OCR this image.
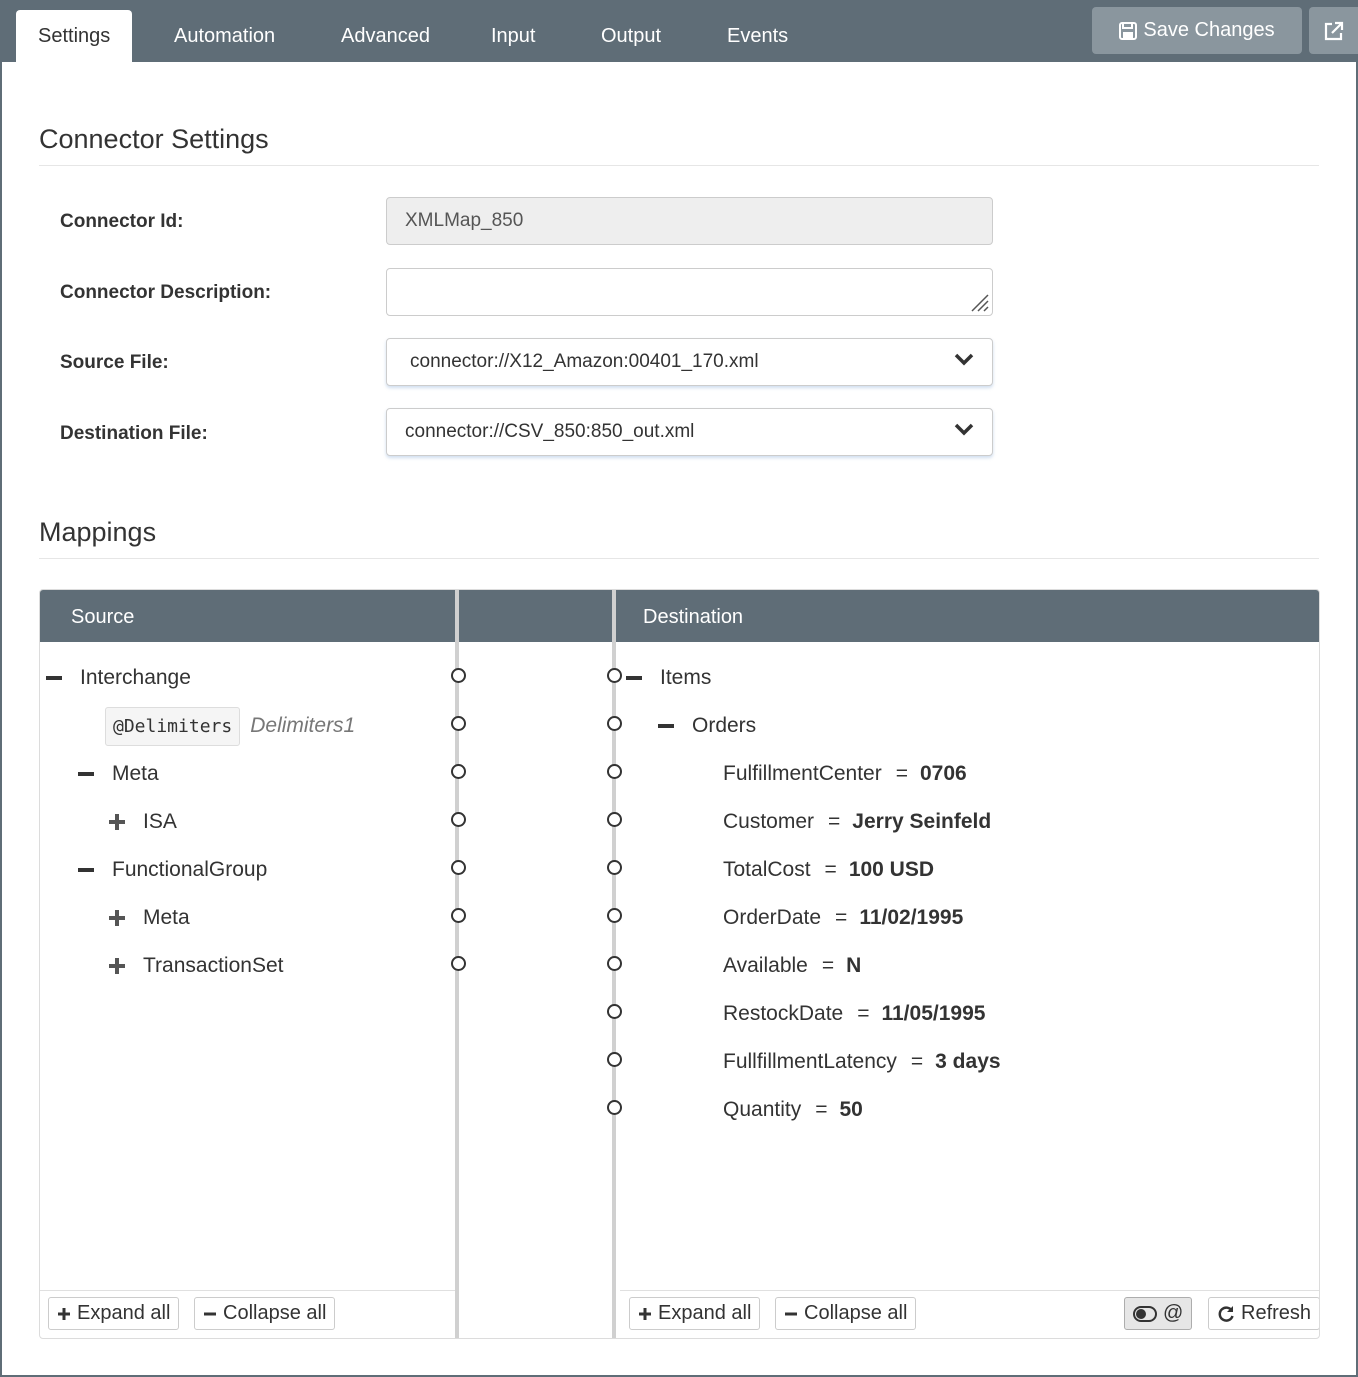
Settings	Automation	Advanced	Input	Output	Events	Save Changes
Connector Settings
Connector Id:	XMLMap_850
Connector Description:
Source File:	connector://X12_Amazon:00401_170.xml
Destination File:	connector://CSV_850:850_out.xml
Mappings
Source	Destination
Interchange
@Delimiters Delimiters1
Meta
ISA
FunctionalGroup
Meta
TransactionSet
Items
Orders
FulfillmentCenter = 0706
Customer = Jerry Seinfeld
TotalCost = 100 USD
OrderDate = 11/02/1995
Available = N
RestockDate = 11/05/1995
FullfillmentLatency = 3 days
Quantity = 50
Expand all	Collapse all	Expand all	Collapse all	@	Refresh
